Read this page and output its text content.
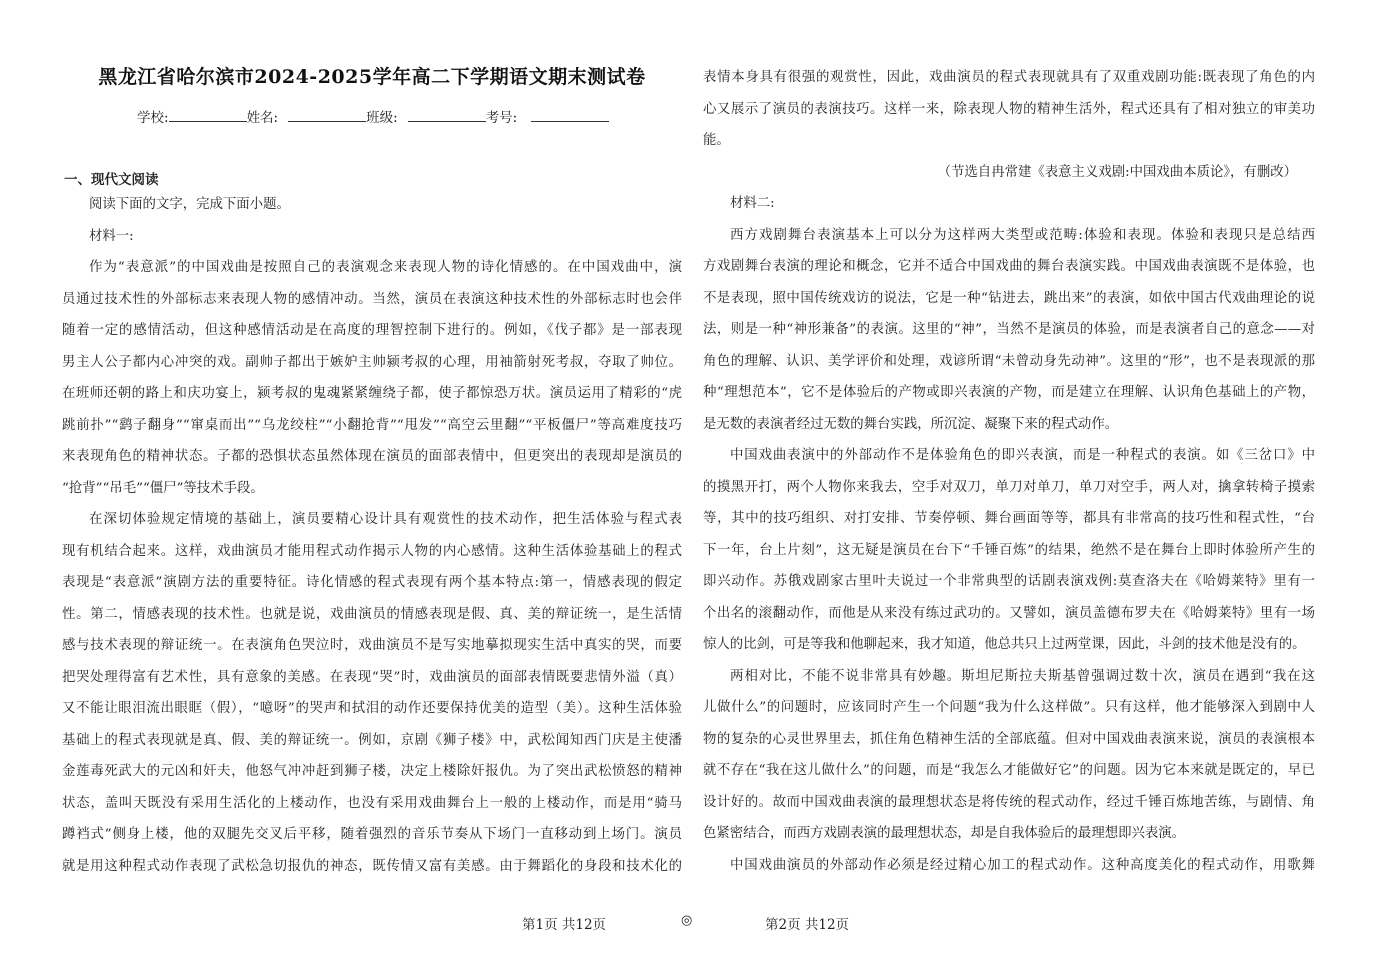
黑龙江省哈尔滨市2024-2025学年高二下学期语文期末测试卷
学校:	姓名:	班级:	考号:
一、现代文阅读
阅读下面的文字，完成下面小题。
材料一:
作为“表意派”的中国戏曲是按照自己的表演观念来表现人物的诗化情感的。在中国戏曲中，演
员通过技术性的外部标志来表现人物的感情冲动。当然，演员在表演这种技术性的外部标志时也会伴
随着一定的感情活动，但这种感情活动是在高度的理智控制下进行的。例如，《伐子都》是一部表现
男主人公子都内心冲突的戏。副帅子都出于嫉妒主帅颍考叔的心理，用袖箭射死考叔，夺取了帅位。
在班师还朝的路上和庆功宴上，颍考叔的鬼魂紧紧缠绕子都，使子都惊恐万状。演员运用了精彩的“虎
跳前扑”“鹞子翻身”“窜桌而出”“乌龙绞柱”“小翻抢背”“甩发”“高空云里翻”“平板僵尸”等高难度技巧
来表现角色的精神状态。子都的恐惧状态虽然体现在演员的面部表情中，但更突出的表现却是演员的
“抢背”“吊毛”“僵尸”等技术手段。
在深切体验规定情境的基础上，演员要精心设计具有观赏性的技术动作，把生活体验与程式表
现有机结合起来。这样，戏曲演员才能用程式动作揭示人物的内心感情。这种生活体验基础上的程式
表现是“表意派”演剧方法的重要特征。诗化情感的程式表现有两个基本特点:第一，情感表现的假定
性。第二，情感表现的技术性。也就是说，戏曲演员的情感表现是假、真、美的辩证统一，是生活情
感与技术表现的辩证统一。在表演角色哭泣时，戏曲演员不是写实地摹拟现实生活中真实的哭，而要
把哭处理得富有艺术性，具有意象的美感。在表现“哭”时，戏曲演员的面部表情既要悲情外溢（真）
又不能让眼泪流出眼眶（假），“噫呀”的哭声和拭泪的动作还要保持优美的造型（美）。这种生活体验
基础上的程式表现就是真、假、美的辩证统一。例如，京剧《狮子楼》中，武松闻知西门庆是主使潘
金莲毒死武大的元凶和奸夫，他怒气冲冲赶到狮子楼，决定上楼除奸报仇。为了突出武松愤怒的精神
状态，盖叫天既没有采用生活化的上楼动作，也没有采用戏曲舞台上一般的上楼动作，而是用“骑马
蹲裆式”侧身上楼，他的双腿先交叉后平移，随着强烈的音乐节奏从下场门一直移动到上场门。演员
就是用这种程式动作表现了武松急切报仇的神态，既传情又富有美感。由于舞蹈化的身段和技术化的
表情本身具有很强的观赏性，因此，戏曲演员的程式表现就具有了双重戏剧功能:既表现了角色的内
心又展示了演员的表演技巧。这样一来，除表现人物的精神生活外，程式还具有了相对独立的审美功
能。
（节选自冉常建《表意主义戏剧:中国戏曲本质论》，有删改）
材料二:
西方戏剧舞台表演基本上可以分为这样两大类型或范畴:体验和表现。体验和表现只是总结西
方戏剧舞台表演的理论和概念，它并不适合中国戏曲的舞台表演实践。中国戏曲表演既不是体验，也
不是表现，照中国传统戏访的说法，它是一种“钻进去，跳出来”的表演，如依中国古代戏曲理论的说
法，则是一种“神形兼备”的表演。这里的“神”，当然不是演员的体验，而是表演者自己的意念——对
角色的理解、认识、美学评价和处理，戏谚所谓“未曾动身先动神”。这里的“形”，也不是表现派的那
种“理想范本”，它不是体验后的产物或即兴表演的产物，而是建立在理解、认识角色基础上的产物，
是无数的表演者经过无数的舞台实践，所沉淀、凝聚下来的程式动作。
中国戏曲表演中的外部动作不是体验角色的即兴表演，而是一种程式的表演。如《三岔口》中
的摸黑开打，两个人物你来我去，空手对双刀，单刀对单刀，单刀对空手，两人对，擒拿转椅子摸索
等，其中的技巧组织、对打安排、节奏停顿、舞台画面等等，都具有非常高的技巧性和程式性，“台
下一年，台上片刻”，这无疑是演员在台下“千锤百炼”的结果，绝然不是在舞台上即时体验所产生的
即兴动作。苏俄戏剧家古里叶夫说过一个非常典型的话剧表演戏例:莫查洛夫在《哈姆莱特》里有一
个出名的滚翻动作，而他是从来没有练过武功的。又譬如，演员盖德布罗夫在《哈姆莱特》里有一场
惊人的比剑，可是等我和他聊起来，我才知道，他总共只上过两堂课，因此，斗剑的技术他是没有的。
两相对比，不能不说非常具有妙趣。斯坦尼斯拉夫斯基曾强调过数十次，演员在遇到“我在这
儿做什么”的问题时，应该同时产生一个问题“我为什么这样做”。只有这样，他才能够深入到剧中人
物的复杂的心灵世界里去，抓住角色精神生活的全部底蕴。但对中国戏曲表演来说，演员的表演根本
就不存在“我在这儿做什么”的问题，而是“我怎么才能做好它”的问题。因为它本来就是既定的，早已
设计好的。故而中国戏曲表演的最理想状态是将传统的程式动作，经过千锤百炼地苦练，与剧情、角
色紧密结合，而西方戏剧表演的最理想状态，却是自我体验后的最理想即兴表演。
中国戏曲演员的外部动作必须是经过精心加工的程式动作。这种高度美化的程式动作，用歌舞
第1页 共12页	◎	第2页 共12页
